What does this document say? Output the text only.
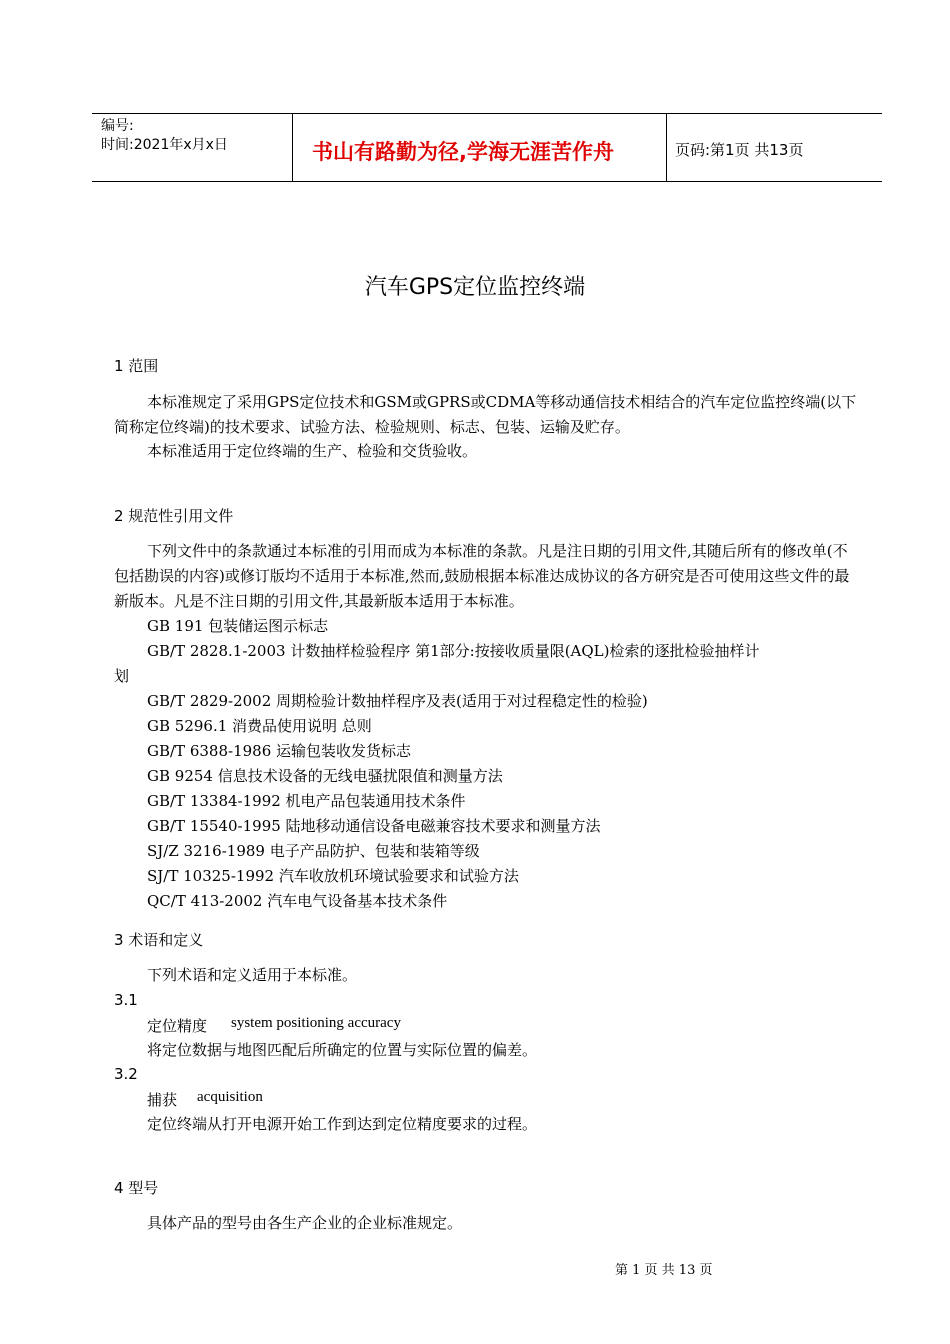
编号:
时间:2021年x月x日	书山有路勤为径,学海无涯苦作舟	页码:第1页 共13页
汽车GPS定位监控终端
1 范围
本标准规定了采用GPS定位技术和GSM或GPRS或CDMA等移动通信技术相结合的汽车定位监控终端(以下简称定位终端)的技术要求、试验方法、检验规则、标志、包装、运输及贮存。
本标准适用于定位终端的生产、检验和交货验收。
2 规范性引用文件
下列文件中的条款通过本标准的引用而成为本标准的条款。凡是注日期的引用文件,其随后所有的修改单(不包括勘误的内容)或修订版均不适用于本标准,然而,鼓励根据本标准达成协议的各方研究是否可使用这些文件的最新版本。凡是不注日期的引用文件,其最新版本适用于本标准。
GB 191 包装储运图示标志
GB/T 2828.1-2003 计数抽样检验程序 第1部分:按接收质量限(AQL)检索的逐批检验抽样计
划
GB/T 2829-2002 周期检验计数抽样程序及表(适用于对过程稳定性的检验)
GB 5296.1 消费品使用说明 总则
GB/T 6388-1986 运输包装收发货标志
GB 9254 信息技术设备的无线电骚扰限值和测量方法
GB/T 13384-1992 机电产品包装通用技术条件
GB/T 15540-1995 陆地移动通信设备电磁兼容技术要求和测量方法
SJ/Z 3216-1989 电子产品防护、包装和装箱等级
SJ/T 10325-1992 汽车收放机环境试验要求和试验方法
QC/T 413-2002 汽车电气设备基本技术条件
3 术语和定义
下列术语和定义适用于本标准。
3.1
定位精度 system positioning accuracy
将定位数据与地图匹配后所确定的位置与实际位置的偏差。
3.2
捕获 acquisition
定位终端从打开电源开始工作到达到定位精度要求的过程。
4 型号
具体产品的型号由各生产企业的企业标准规定。
第 1 页 共 13 页
